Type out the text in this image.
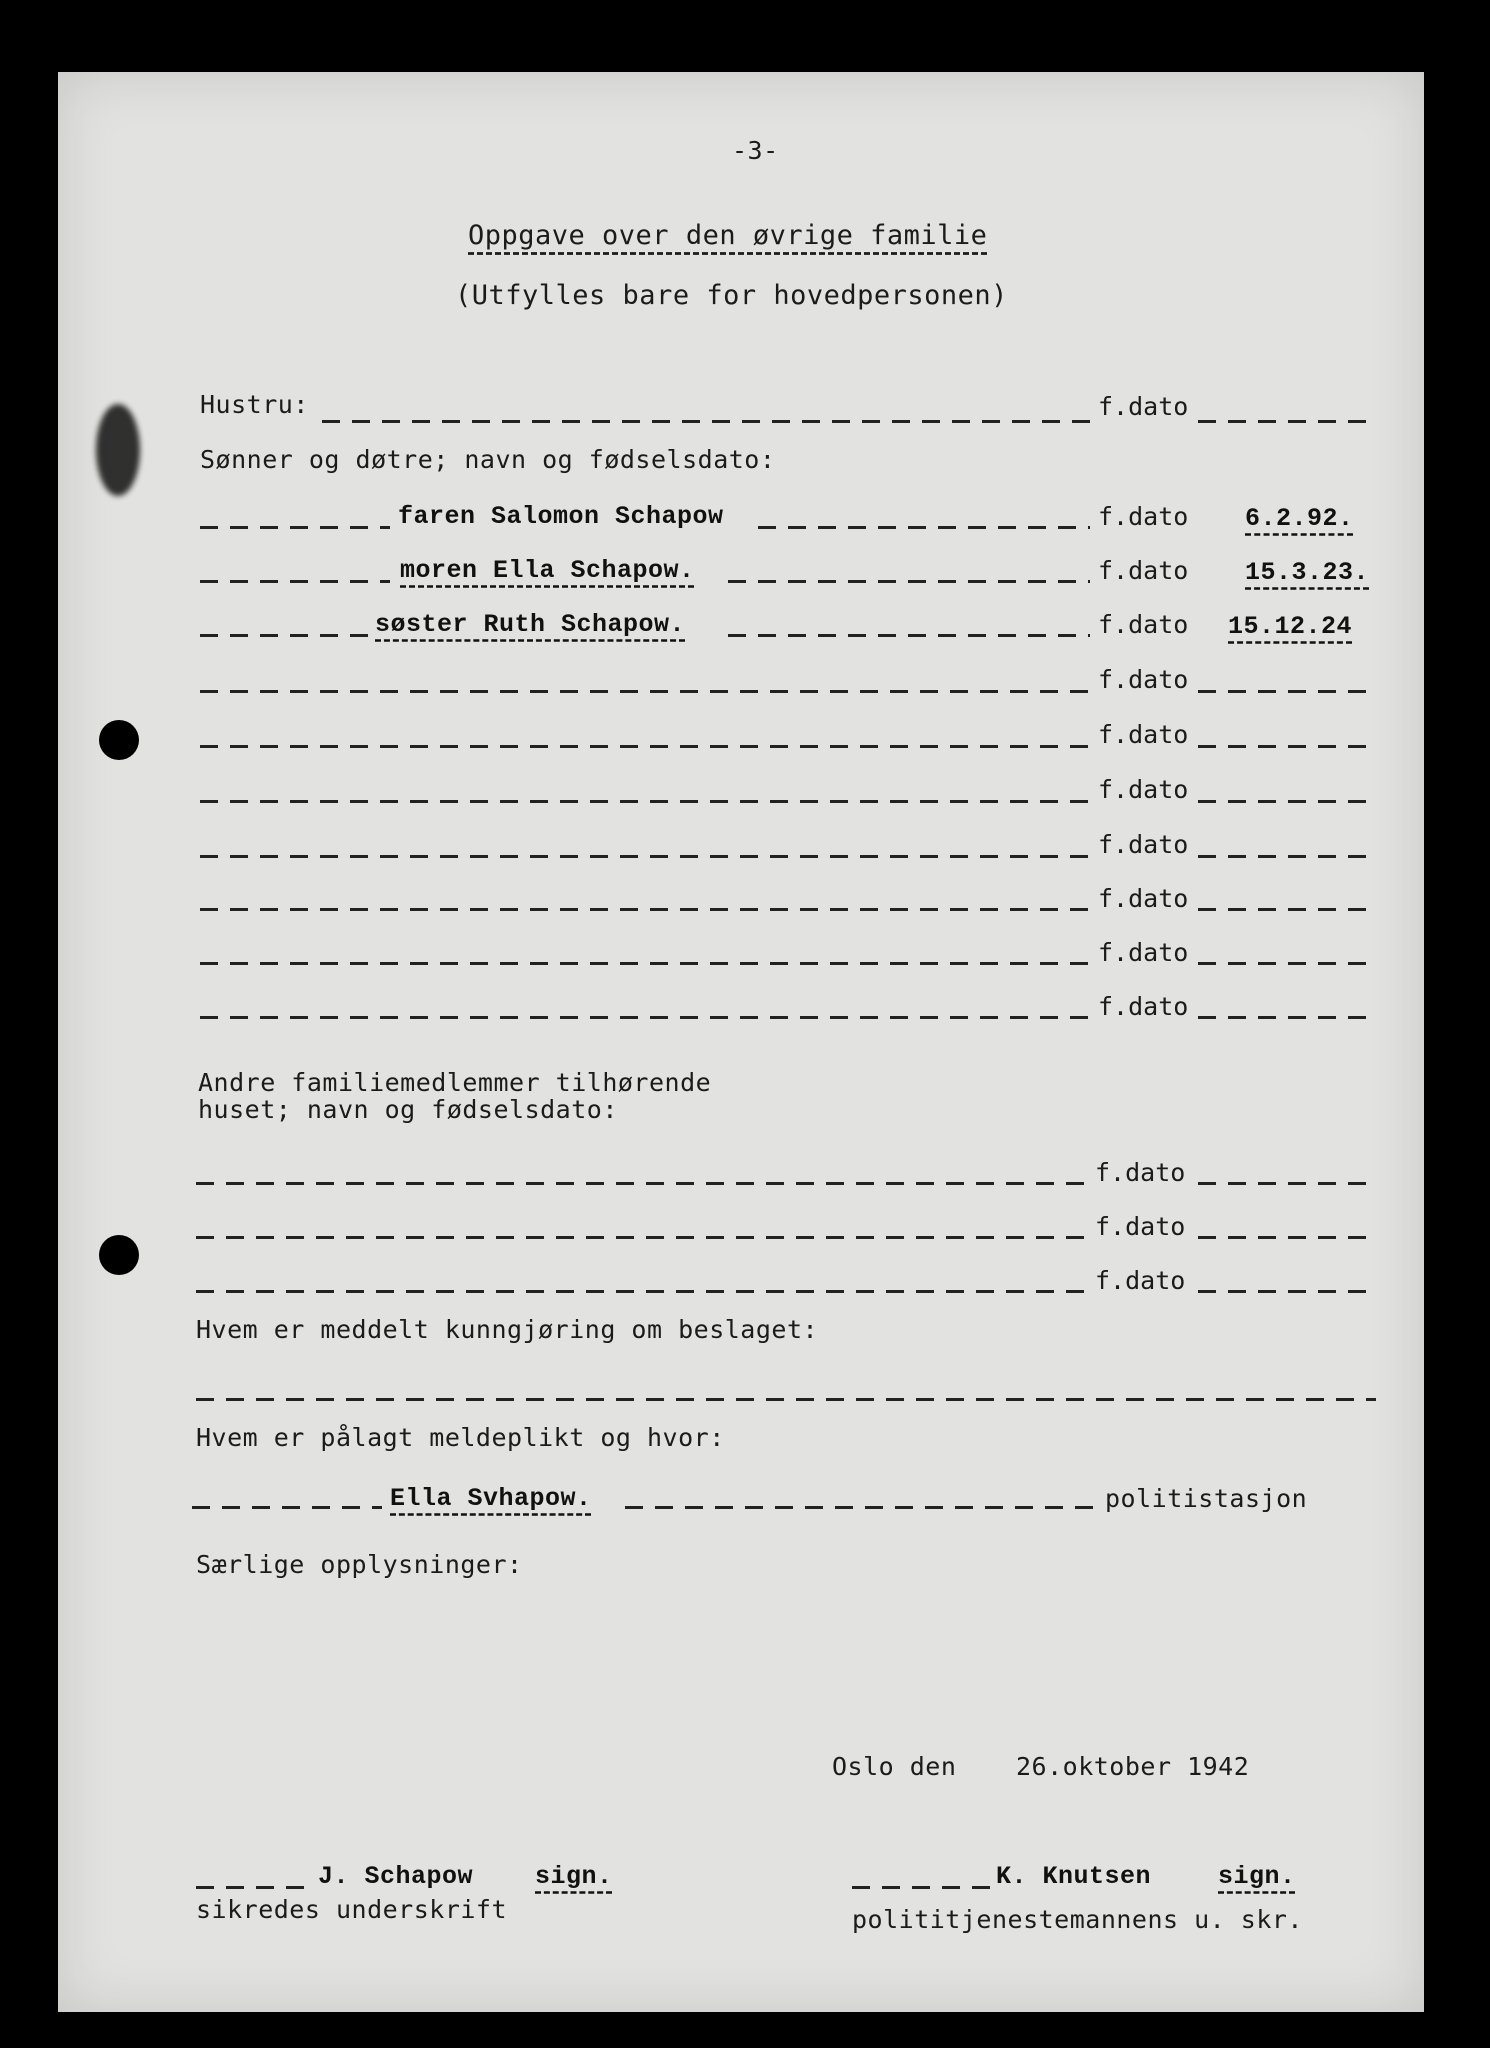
-3-
Oppgave over den øvrige familie
(Utfylles bare for hovedpersonen)
Hustru:	f.dato
Sønner og døtre; navn og fødselsdato:
faren Salomon Schapow	f.dato 6.2.92.
moren Ella Schapow.	f.dato 15.3.23.
søster Ruth Schapow.	f.dato 15.12.24
f.dato
f.dato
f.dato
f.dato
f.dato
f.dato
f.dato
Andre familiemedlemmer tilhørende
huset; navn og fødselsdato:
f.dato
f.dato
f.dato
Hvem er meddelt kunngjøring om beslaget:
Hvem er pålagt meldeplikt og hvor:
Ella Svhapow.	politistasjon
Særlige opplysninger:
Oslo den 26.oktober 1942
J. Schapow sign.
sikredes underskrift
K. Knutsen	sign.
polititjenestemannens u. skr.
